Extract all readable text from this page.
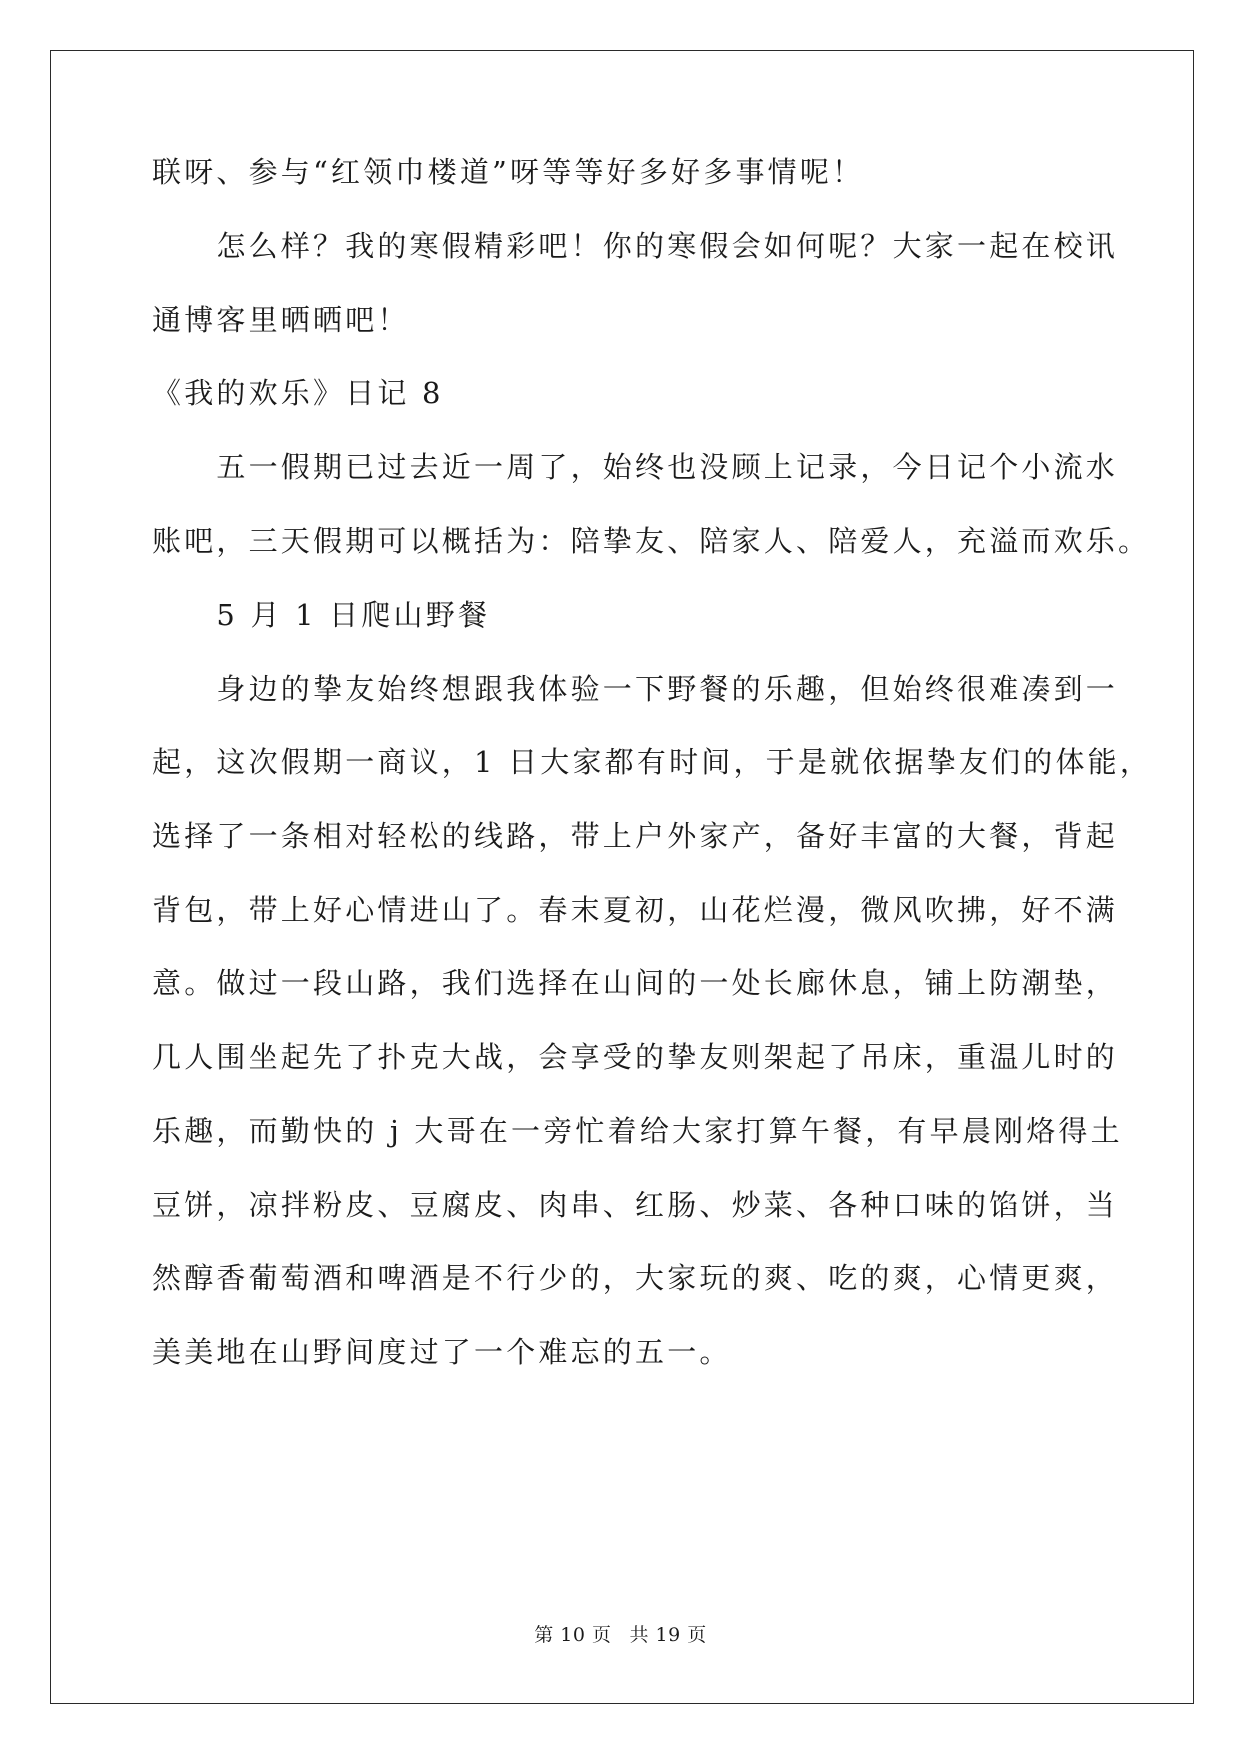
联呀、参与“红领巾楼道”呀等等好多好多事情呢！
　　怎么样？我的寒假精彩吧！你的寒假会如何呢？大家一起在校讯
通博客里晒晒吧！
《我的欢乐》日记 8
　　五一假期已过去近一周了，始终也没顾上记录，今日记个小流水
账吧，三天假期可以概括为：陪挚友、陪家人、陪爱人，充溢而欢乐。
　　5 月 1 日爬山野餐
　　身边的挚友始终想跟我体验一下野餐的乐趣，但始终很难凑到一
起，这次假期一商议，1 日大家都有时间，于是就依据挚友们的体能，
选择了一条相对轻松的线路，带上户外家产，备好丰富的大餐，背起
背包，带上好心情进山了。春末夏初，山花烂漫，微风吹拂，好不满
意。做过一段山路，我们选择在山间的一处长廊休息，铺上防潮垫，
几人围坐起先了扑克大战，会享受的挚友则架起了吊床，重温儿时的
乐趣，而勤快的 j 大哥在一旁忙着给大家打算午餐，有早晨刚烙得土
豆饼，凉拌粉皮、豆腐皮、肉串、红肠、炒菜、各种口味的馅饼，当
然醇香葡萄酒和啤酒是不行少的，大家玩的爽、吃的爽，心情更爽，
美美地在山野间度过了一个难忘的五一。
第 10 页 共 19 页
